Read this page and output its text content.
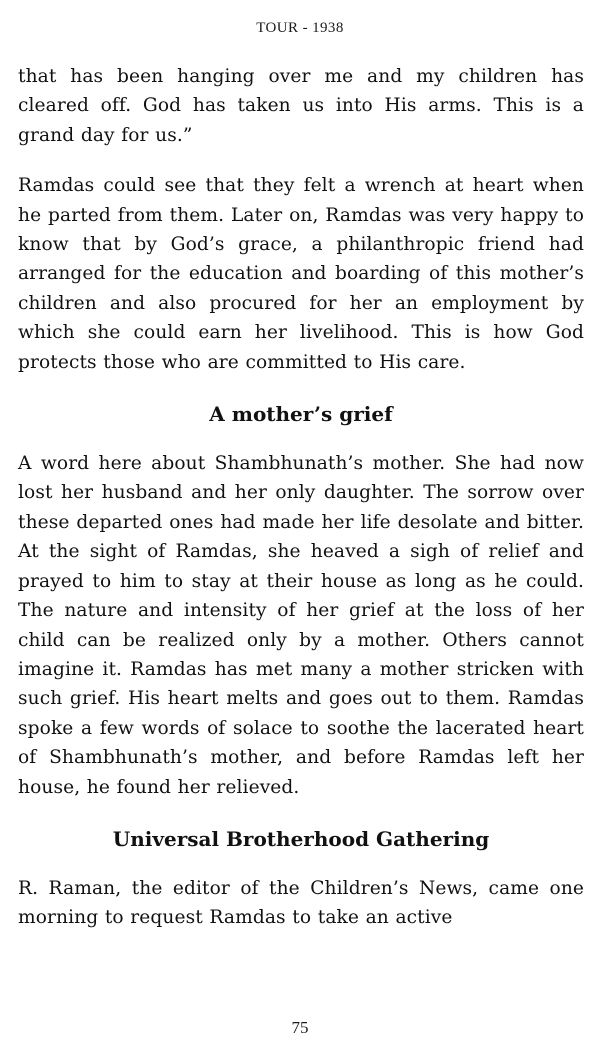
TOUR - 1938

that has been hanging over me and my children has cleared off. God has taken us into His arms. This is a grand day for us.”

Ramdas could see that they felt a wrench at heart when he parted from them. Later on, Ramdas was very happy to know that by God’s grace, a philanthropic friend had arranged for the education and boarding of this mother’s children and also procured for her an employment by which she could earn her livelihood. This is how God protects those who are committed to His care.

A mother’s grief

A word here about Shambhunath’s mother. She had now lost her husband and her only daughter. The sorrow over these departed ones had made her life desolate and bitter. At the sight of Ramdas, she heaved a sigh of relief and prayed to him to stay at their house as long as he could. The nature and intensity of her grief at the loss of her child can be realized only by a mother. Others cannot imagine it. Ramdas has met many a mother stricken with such grief. His heart melts and goes out to them. Ramdas spoke a few words of solace to soothe the lacerated heart of Shambhunath’s mother, and before Ramdas left her house, he found her relieved.

Universal Brotherhood Gathering

R. Raman, the editor of the Children’s News, came one morning to request Ramdas to take an active

75
